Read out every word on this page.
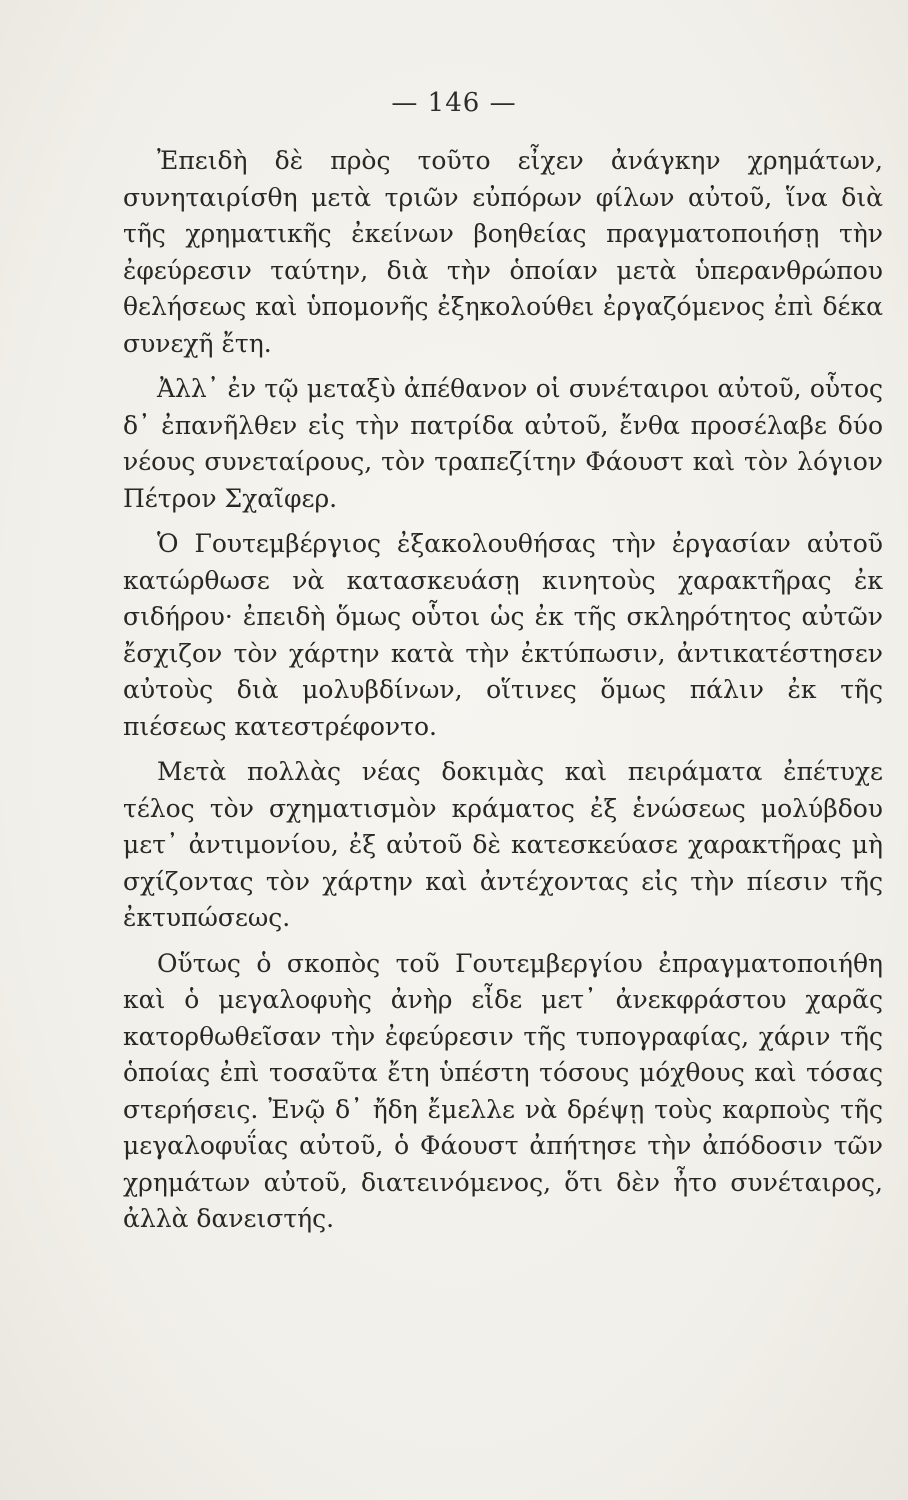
— 146 —

Ἐπειδὴ δὲ πρὸς τοῦτο εἶχεν ἀνάγκην χρημάτων, συνηταιρίσθη μετὰ τριῶν εὐπόρων φίλων αὐτοῦ, ἵνα διὰ τῆς χρηματικῆς ἐκείνων βοηθείας πραγματοποιήσῃ τὴν ἐφεύρεσιν ταύτην, διὰ τὴν ὁποίαν μετὰ ὑπερανθρώπου θελήσεως καὶ ὑπομονῆς ἐξηκολούθει ἐργαζόμενος ἐπὶ δέκα συνεχῆ ἔτη.

Ἀλλ᾽ ἐν τῷ μεταξὺ ἀπέθανον οἱ συνέταιροι αὐτοῦ, οὗτος δ᾽ ἐπανῆλθεν εἰς τὴν πατρίδα αὐτοῦ, ἔνθα προσέλαβε δύο νέους συνεταίρους, τὸν τραπεζίτην Φάουστ καὶ τὸν λόγιον Πέτρον Σχαῖφερ.

Ὁ Γουτεμβέργιος ἐξακολουθήσας τὴν ἐργασίαν αὐτοῦ κατώρθωσε νὰ κατασκευάσῃ κινητοὺς χαρακτῆρας ἐκ σιδήρου· ἐπειδὴ ὅμως οὗτοι ὡς ἐκ τῆς σκληρότητος αὐτῶν ἔσχιζον τὸν χάρτην κατὰ τὴν ἐκτύπωσιν, ἀντικατέστησεν αὐτοὺς διὰ μολυβδίνων, οἵτινες ὅμως πάλιν ἐκ τῆς πιέσεως κατεστρέφοντο.

Μετὰ πολλὰς νέας δοκιμὰς καὶ πειράματα ἐπέτυχε τέλος τὸν σχηματισμὸν κράματος ἐξ ἑνώσεως μολύβδου μετ᾽ ἀντιμονίου, ἐξ αὐτοῦ δὲ κατεσκεύασε χαρακτῆρας μὴ σχίζοντας τὸν χάρτην καὶ ἀντέχοντας εἰς τὴν πίεσιν τῆς ἐκτυπώσεως.

Οὕτως ὁ σκοπὸς τοῦ Γουτεμβεργίου ἐπραγματοποιήθη καὶ ὁ μεγαλοφυὴς ἀνὴρ εἶδε μετ᾽ ἀνεκφράστου χαρᾶς κατορθωθεῖσαν τὴν ἐφεύρεσιν τῆς τυπογραφίας, χάριν τῆς ὁποίας ἐπὶ τοσαῦτα ἔτη ὑπέστη τόσους μόχθους καὶ τόσας στερήσεις. Ἐνῷ δ᾽ ἤδη ἔμελλε νὰ δρέψῃ τοὺς καρποὺς τῆς μεγαλοφυΐας αὐτοῦ, ὁ Φάουστ ἀπήτησε τὴν ἀπόδοσιν τῶν χρημάτων αὐτοῦ, διατεινόμενος, ὅτι δὲν ἦτο συνέταιρος, ἀλλὰ δανειστής.
